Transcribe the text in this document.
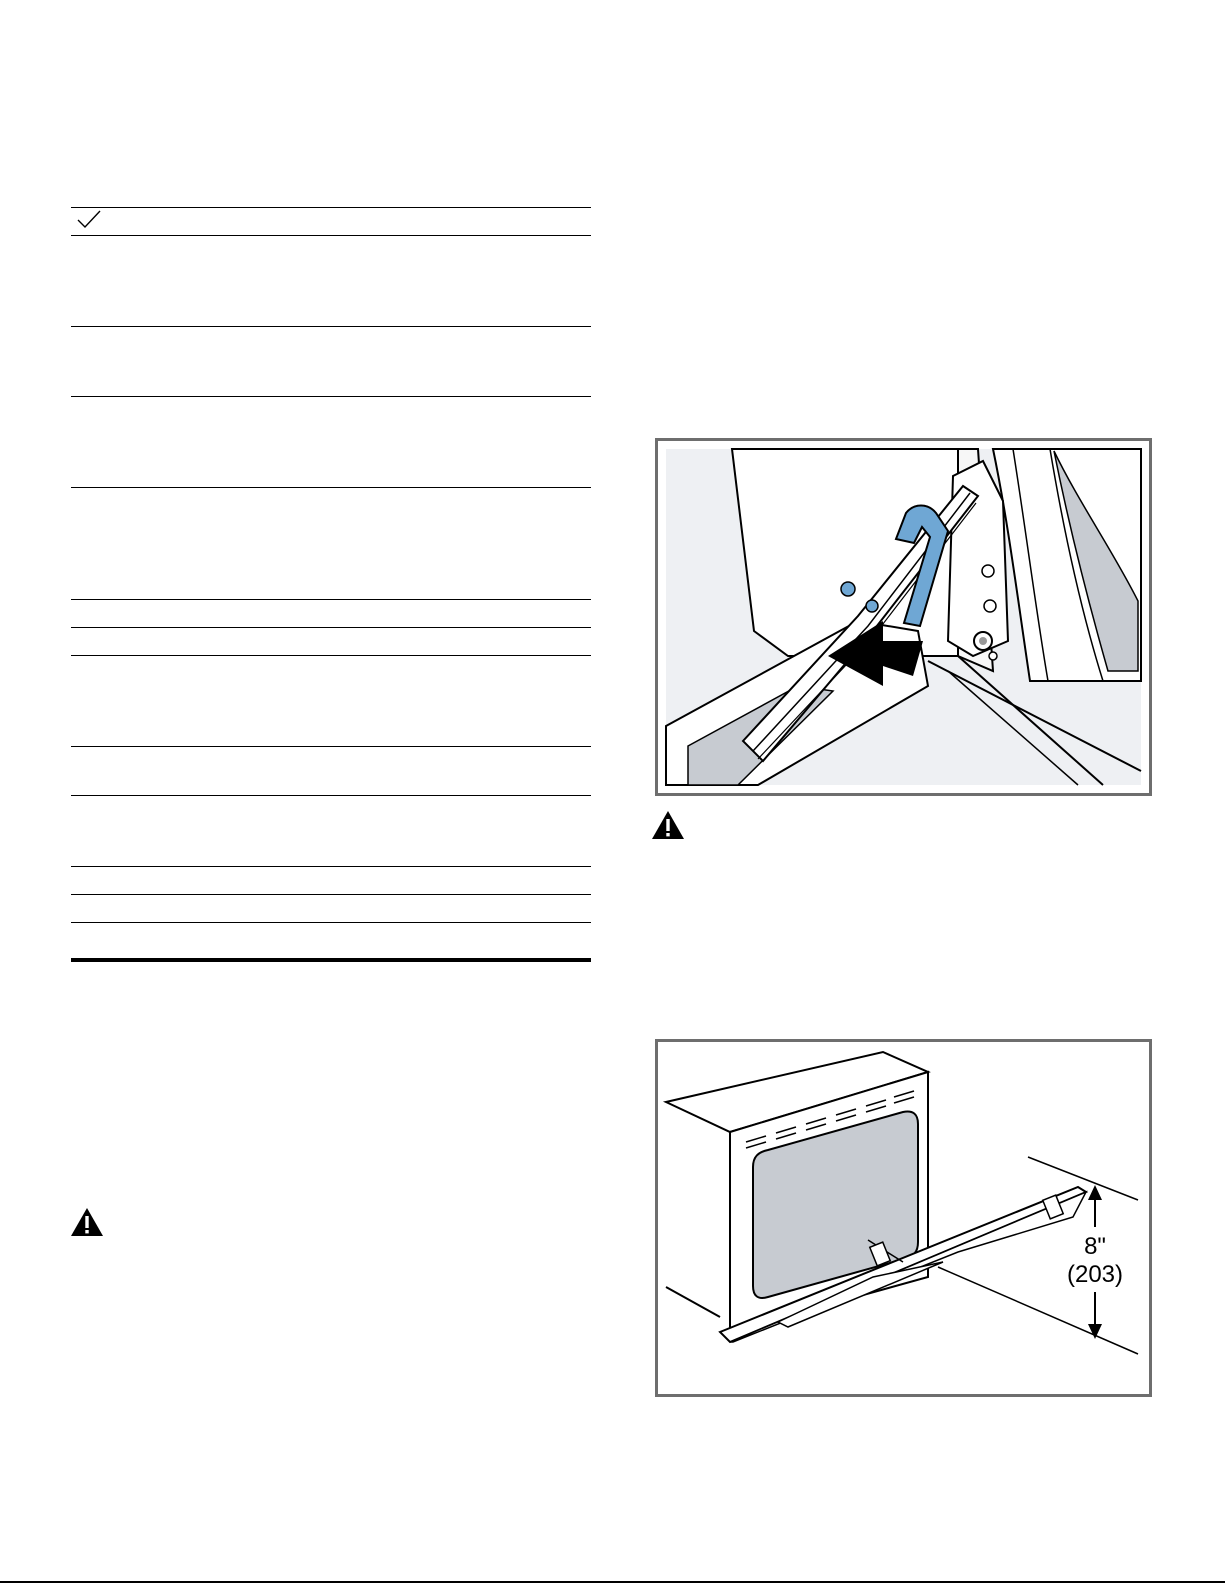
8"
(203)
